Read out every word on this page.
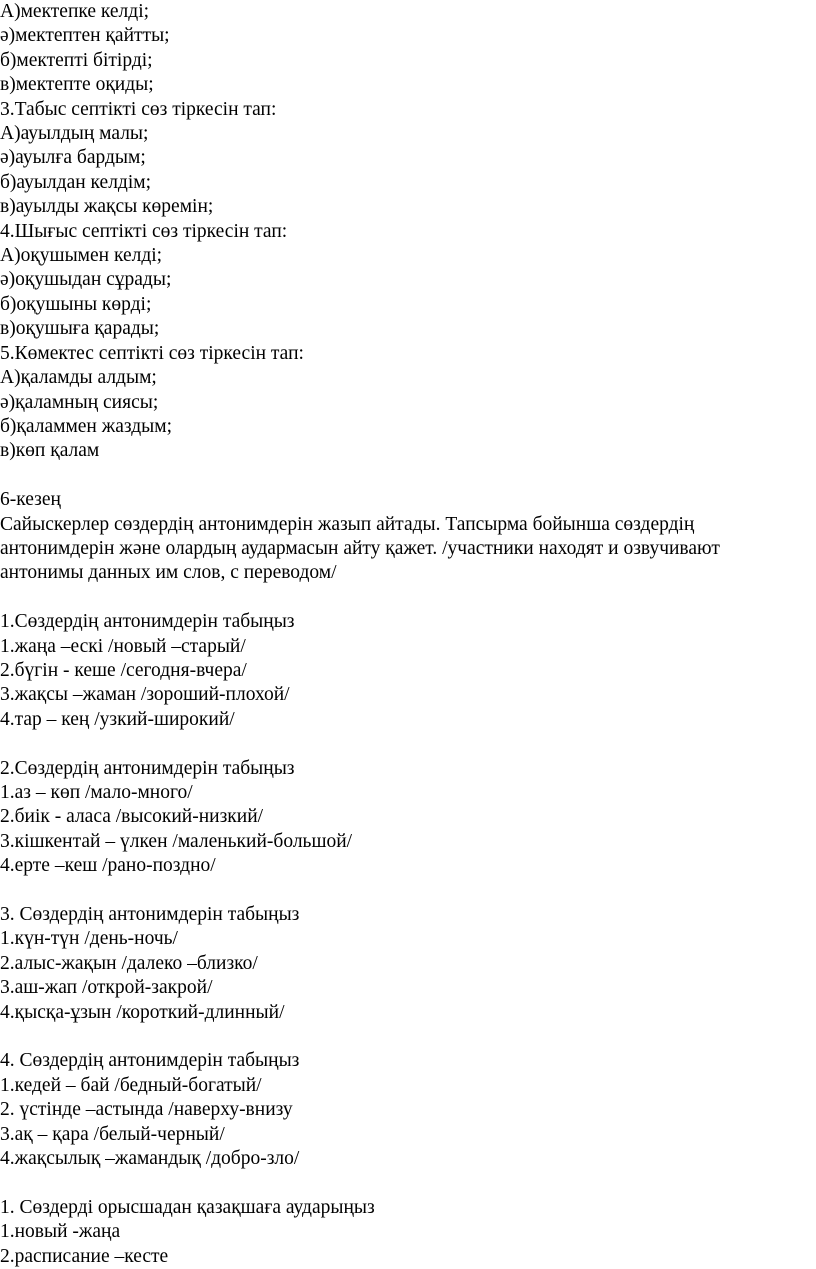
А)мектепке келді;

ә)мектептен қайтты;

б)мектепті бітірді;

в)мектепте оқиды;

3.Табыс септікті сөз тіркесін тап:

А)ауылдың малы;

ә)ауылға бардым;

б)ауылдан келдім;

в)ауылды жақсы көремін;

4.Шығыс септікті сөз тіркесін тап:

А)оқушымен келді;

ә)оқушыдан сұрады;

б)оқушыны көрді;

в)оқушыға қарады;

5.Көмектес септікті сөз тіркесін тап:

А)қаламды алдым;

ә)қаламның сиясы;

б)қаламмен жаздым;

в)көп қалам

6-кезең

Сайыскерлер сөздердің антонимдерін жазып айтады. Тапсырма бойынша сөздердің антонимдерін және олардың аудармасын айту қажет. /участники находят и озвучивают антонимы данных им слов, с переводом/

1.Сөздердің антонимдерін табыңыз

1.жаңа –ескі /новый –старый/

2.бүгін - кеше /сегодня-вчера/

3.жақсы –жаман /зороший-плохой/

4.тар – кең /узкий-широкий/

2.Сөздердің антонимдерін табыңыз

1.аз – көп /мало-много/

2.биік - аласа /высокий-низкий/

3.кішкентай – үлкен /маленький-большой/

4.ерте –кеш /рано-поздно/

3. Сөздердің антонимдерін табыңыз

1.күн-түн /день-ночь/

2.алыс-жақын /далеко –близко/

3.аш-жап /открой-закрой/

4.қысқа-ұзын /короткий-длинный/

4. Сөздердің антонимдерін табыңыз

1.кедей – бай /бедный-богатый/

2. үстінде –астында /наверху-внизу

3.ақ – қара /белый-черный/

4.жақсылық –жамандық /добро-зло/

1. Сөздерді орысшадан қазақшаға аударыңыз

1.новый -жаңа

2.расписание –кесте
